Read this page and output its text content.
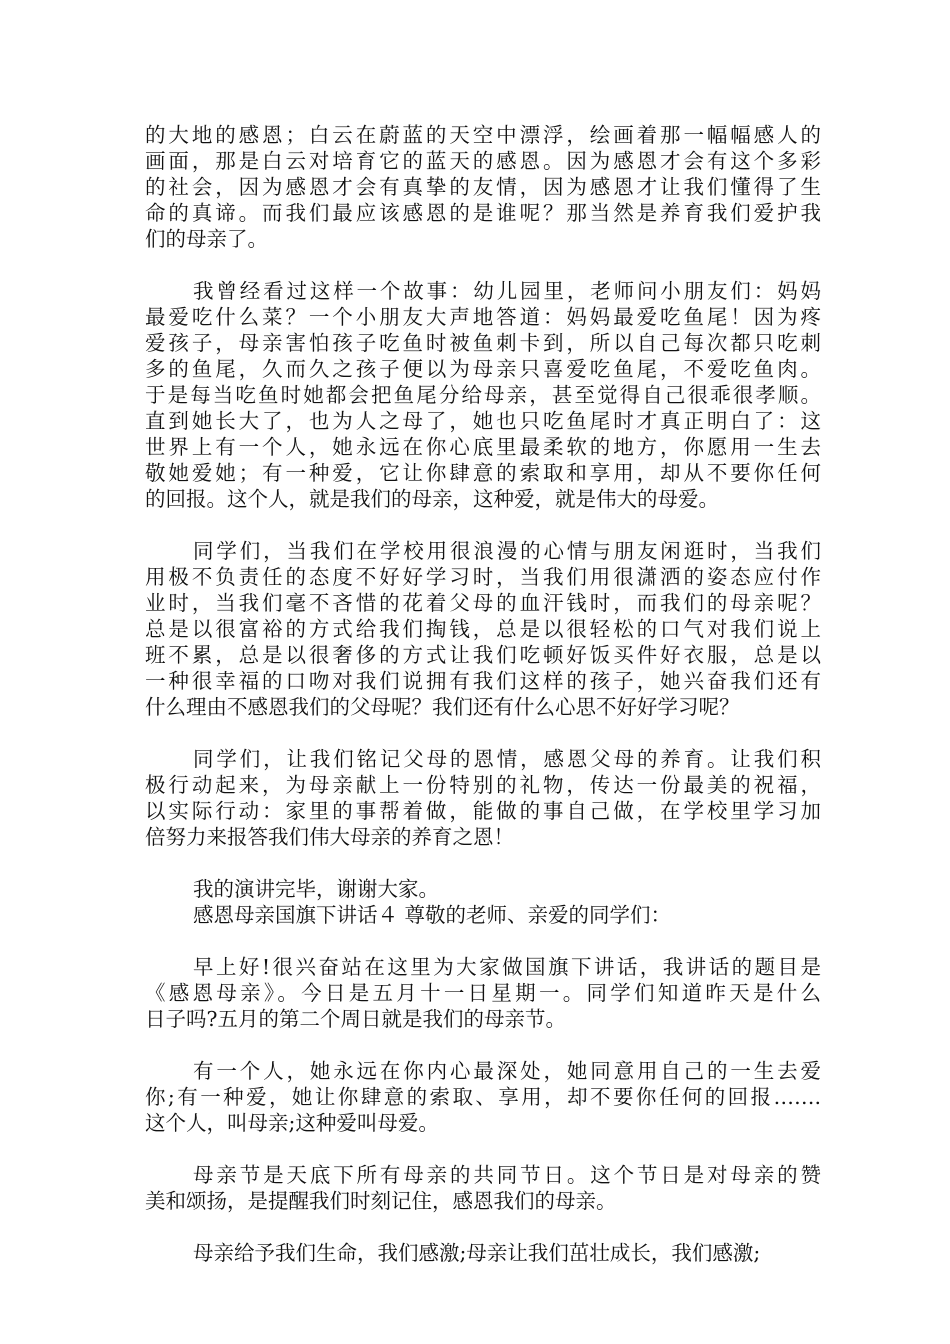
的大地的感恩；白云在蔚蓝的天空中漂浮，绘画着那一幅幅感人的
画面，那是白云对培育它的蓝天的感恩。因为感恩才会有这个多彩
的社会，因为感恩才会有真挚的友情，因为感恩才让我们懂得了生
命的真谛。而我们最应该感恩的是谁呢？那当然是养育我们爱护我
们的母亲了。
我曾经看过这样一个故事：幼儿园里，老师问小朋友们：妈妈
最爱吃什么菜？一个小朋友大声地答道：妈妈最爱吃鱼尾！因为疼
爱孩子，母亲害怕孩子吃鱼时被鱼刺卡到，所以自己每次都只吃刺
多的鱼尾，久而久之孩子便以为母亲只喜爱吃鱼尾，不爱吃鱼肉。
于是每当吃鱼时她都会把鱼尾分给母亲，甚至觉得自己很乖很孝顺。
直到她长大了，也为人之母了，她也只吃鱼尾时才真正明白了：这
世界上有一个人，她永远在你心底里最柔软的地方，你愿用一生去
敬她爱她；有一种爱，它让你肆意的索取和享用，却从不要你任何
的回报。这个人，就是我们的母亲，这种爱，就是伟大的母爱。
同学们，当我们在学校用很浪漫的心情与朋友闲逛时，当我们
用极不负责任的态度不好好学习时，当我们用很潇洒的姿态应付作
业时，当我们毫不吝惜的花着父母的血汗钱时，而我们的母亲呢？
总是以很富裕的方式给我们掏钱，总是以很轻松的口气对我们说上
班不累，总是以很奢侈的方式让我们吃顿好饭买件好衣服，总是以
一种很幸福的口吻对我们说拥有我们这样的孩子，她兴奋我们还有
什么理由不感恩我们的父母呢？我们还有什么心思不好好学习呢？
同学们，让我们铭记父母的恩情，感恩父母的养育。让我们积
极行动起来，为母亲献上一份特别的礼物，传达一份最美的祝福，
以实际行动：家里的事帮着做，能做的事自己做，在学校里学习加
倍努力来报答我们伟大母亲的养育之恩！
我的演讲完毕，谢谢大家。
感恩母亲国旗下讲话４ 尊敬的老师、亲爱的同学们：
早上好!很兴奋站在这里为大家做国旗下讲话，我讲话的题目是
《感恩母亲》。今日是五月十一日星期一。同学们知道昨天是什么
日子吗?五月的第二个周日就是我们的母亲节。
有一个人，她永远在你内心最深处，她同意用自己的一生去爱
你;有一种爱，她让你肆意的索取、享用，却不要你任何的回报…….
这个人，叫母亲;这种爱叫母爱。
母亲节是天底下所有母亲的共同节日。这个节日是对母亲的赞
美和颂扬，是提醒我们时刻记住，感恩我们的母亲。
母亲给予我们生命，我们感激;母亲让我们茁壮成长，我们感激;
